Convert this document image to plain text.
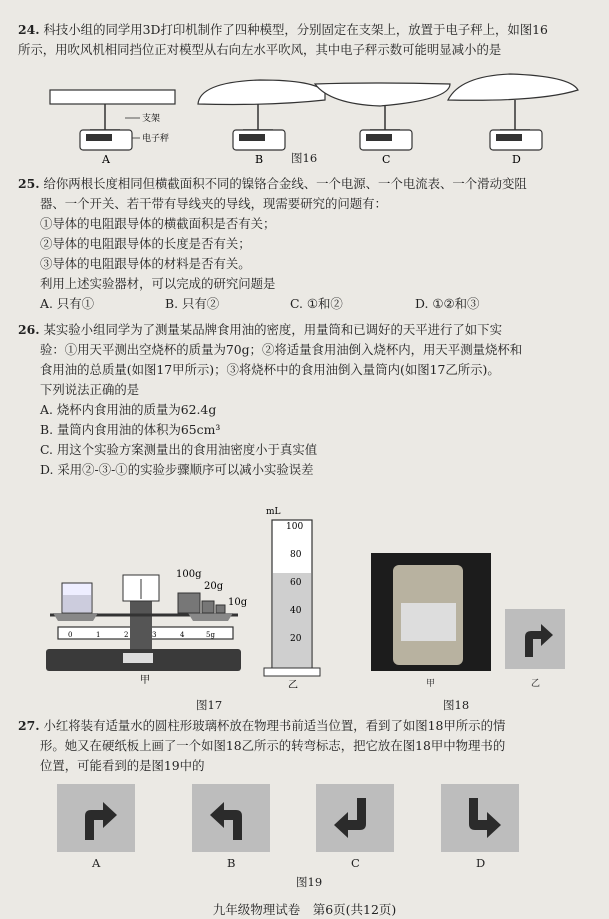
24. 科技小组的同学用3D打印机制作了四种模型，分别固定在支架上，放置于电子秤上，如图16
所示，用吹风机相同挡位正对模型从右向左水平吹风，其中电子秤示数可能明显减小的是
支架
电子秤
A	B	C	D
图16
25. 给你两根长度相同但横截面积不同的镍铬合金线、一个电源、一个电流表、一个滑动变阻
器、一个开关、若干带有导线夹的导线，现需要研究的问题有：
①导体的电阻跟导体的横截面积是否有关；
②导体的电阻跟导体的长度是否有关；
③导体的电阻跟导体的材料是否有关。
利用上述实验器材，可以完成的研究问题是
A. 只有①	B. 只有②	C. ①和②	D. ①②和③
26. 某实验小组同学为了测量某品牌食用油的密度，用量筒和已调好的天平进行了如下实
验：①用天平测出空烧杯的质量为70g；②将适量食用油倒入烧杯内，用天平测量烧杯和
食用油的总质量(如图17甲所示)；③将烧杯中的食用油倒入量筒内(如图17乙所示)。
下列说法正确的是
A. 烧杯内食用油的质量为62.4g
B. 量筒内食用油的体积为65cm³
C. 用这个实验方案测量出的食用油密度小于真实值
D. 采用②-③-①的实验步骤顺序可以减小实验误差
0	1	2	3	4	5g
100g
20g
10g
甲
mL
100
80
60
40
20
乙
图17
甲	乙
图18
27. 小红将装有适量水的圆柱形玻璃杯放在物理书前适当位置，看到了如图18甲所示的情
形。她又在硬纸板上画了一个如图18乙所示的转弯标志，把它放在图18甲中物理书的
位置，可能看到的是图19中的
A	B	C	D
图19
九年级物理试卷　第6页(共12页)
